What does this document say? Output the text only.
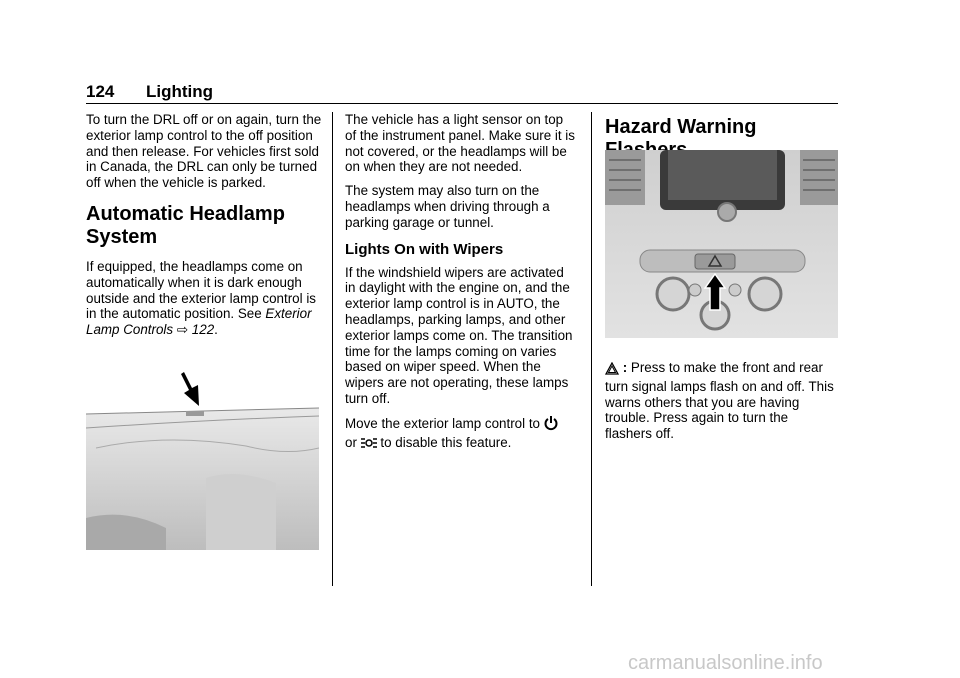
124 Lighting

To turn the DRL off or on again, turn the exterior lamp control to the off position and then release. For vehicles first sold in Canada, the DRL can only be turned off when the vehicle is parked.

Automatic Headlamp System

If equipped, the headlamps come on automatically when it is dark enough outside and the exterior lamp control is in the automatic position. See Exterior Lamp Controls ⇨ 122.

The vehicle has a light sensor on top of the instrument panel. Make sure it is not covered, or the headlamps will be on when they are not needed.

The system may also turn on the headlamps when driving through a parking garage or tunnel.

Lights On with Wipers

If the windshield wipers are activated in daylight with the engine on, and the exterior lamp control is in AUTO, the headlamps, parking lamps, and other exterior lamps come on. The transition time for the lamps coming on varies based on wiper speed. When the wipers are not operating, these lamps turn off.

Move the exterior lamp control to
or to disable this feature.

Hazard Warning
: Press to make the front and rear turn signal lamps flash on and off. This warns others that you are having trouble. Press again to turn the flashers off.
carmanualsonline.info
